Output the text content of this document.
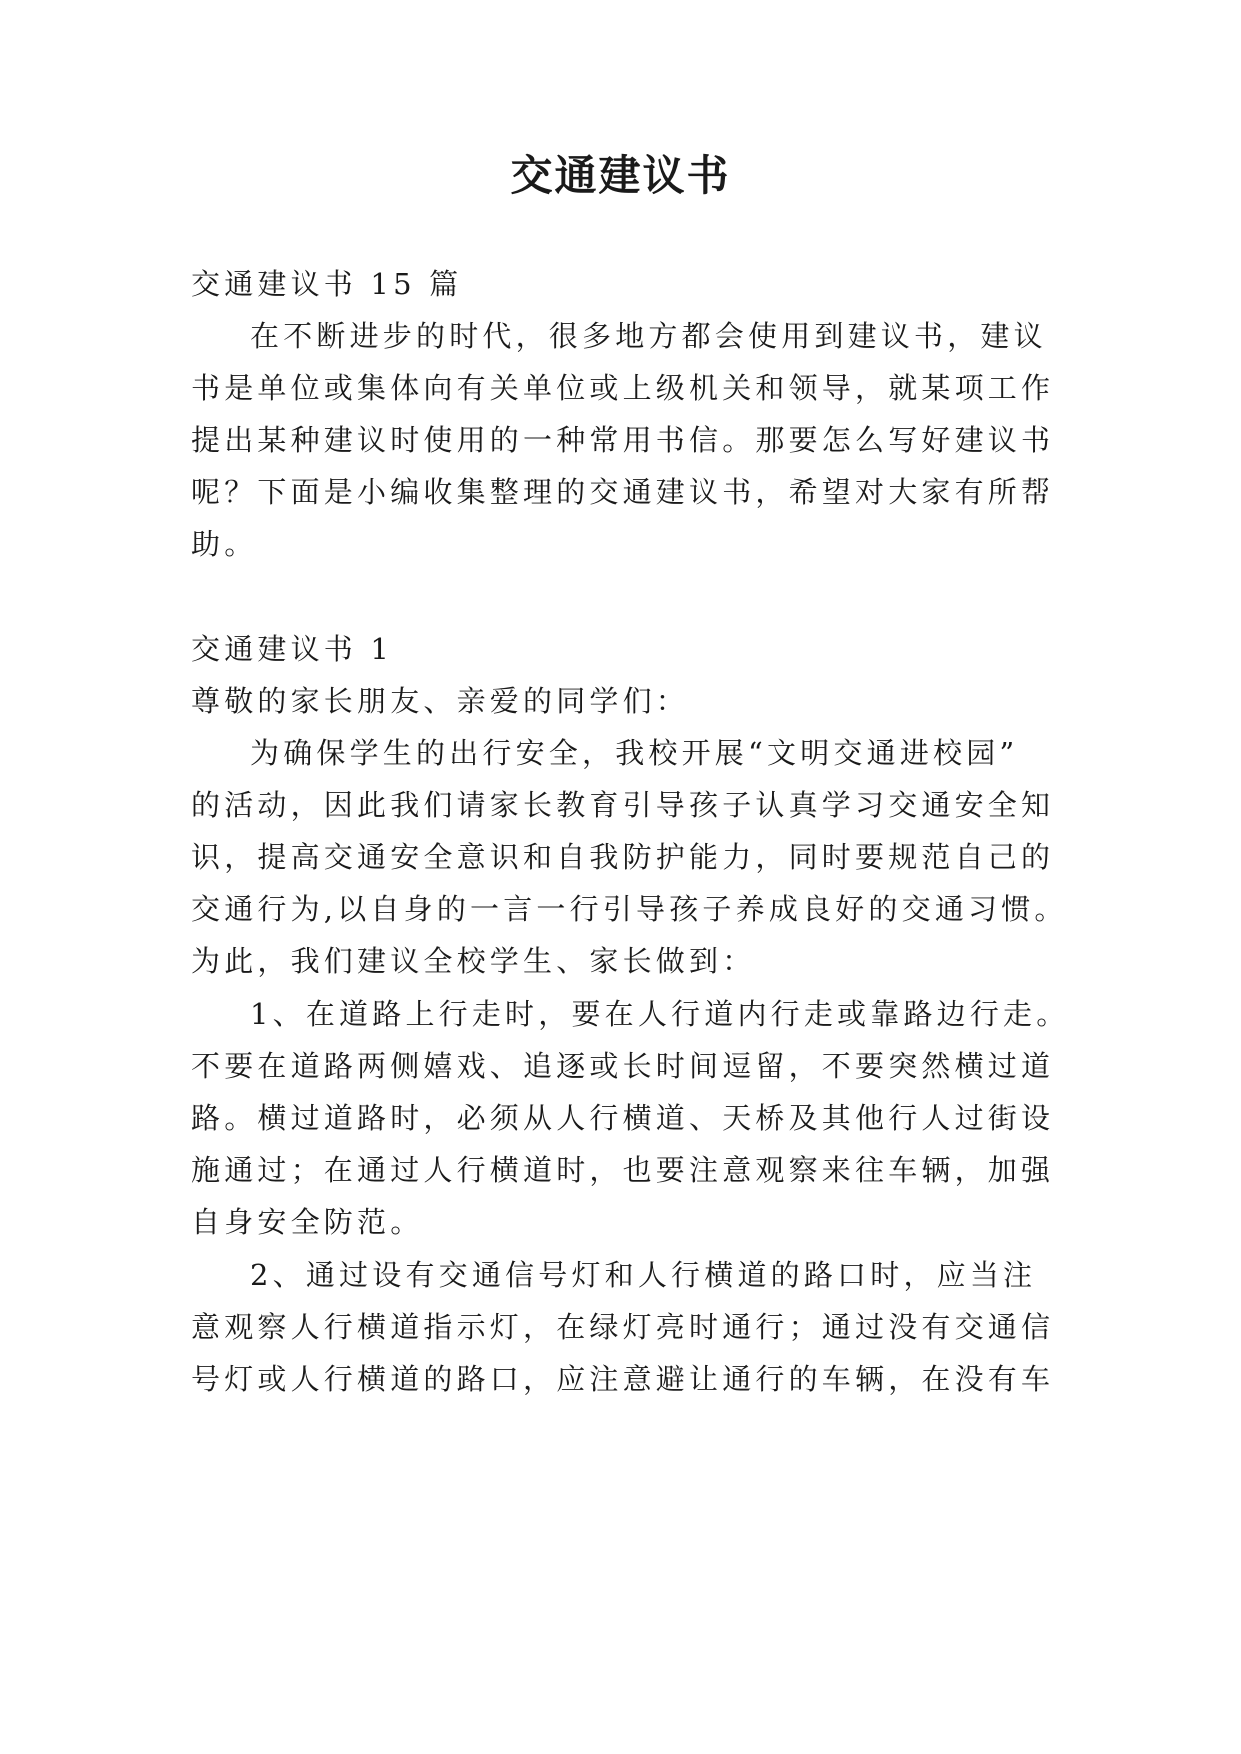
交通建议书
交通建议书 15 篇
在不断进步的时代，很多地方都会使用到建议书，建议
书是单位或集体向有关单位或上级机关和领导，就某项工作
提出某种建议时使用的一种常用书信。那要怎么写好建议书
呢？下面是小编收集整理的交通建议书，希望对大家有所帮
助。
交通建议书 1
尊敬的家长朋友、亲爱的同学们：
为确保学生的出行安全，我校开展“文明交通进校园”
的活动，因此我们请家长教育引导孩子认真学习交通安全知
识，提高交通安全意识和自我防护能力，同时要规范自己的
交通行为,以自身的一言一行引导孩子养成良好的交通习惯。
为此，我们建议全校学生、家长做到：
1、在道路上行走时，要在人行道内行走或靠路边行走。
不要在道路两侧嬉戏、追逐或长时间逗留，不要突然横过道
路。横过道路时，必须从人行横道、天桥及其他行人过街设
施通过；在通过人行横道时，也要注意观察来往车辆，加强
自身安全防范。
2、通过设有交通信号灯和人行横道的路口时，应当注
意观察人行横道指示灯，在绿灯亮时通行；通过没有交通信
号灯或人行横道的路口，应注意避让通行的车辆，在没有车
